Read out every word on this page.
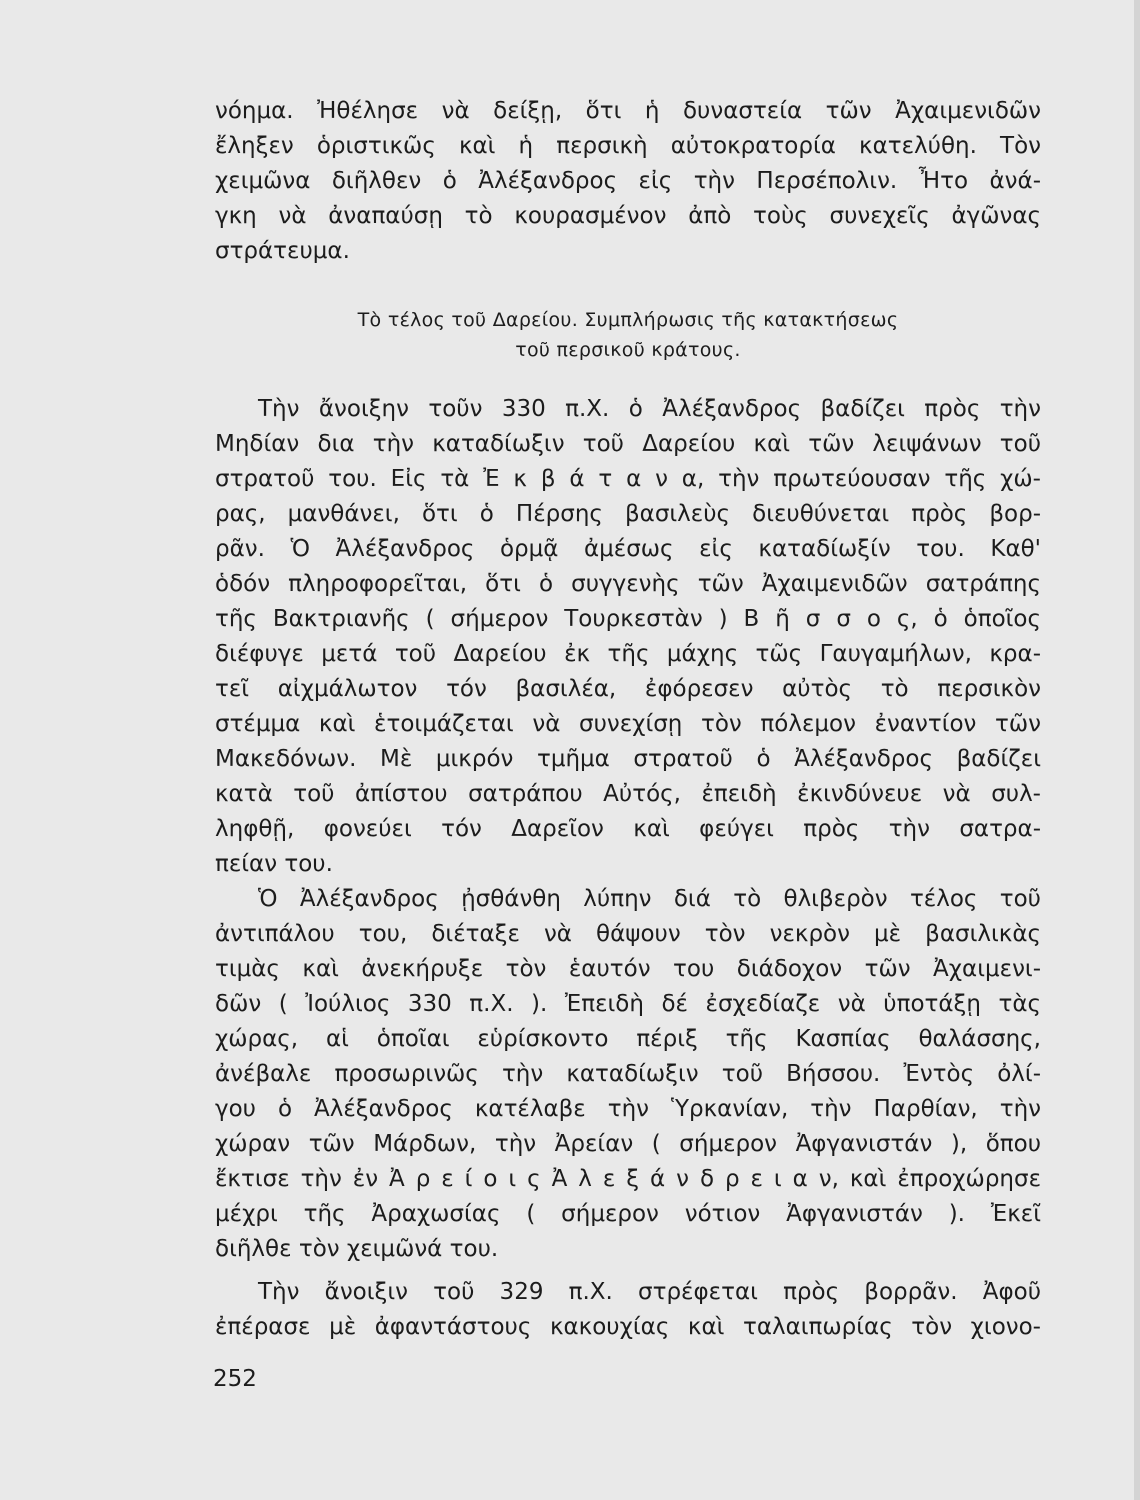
νόημα. Ἠθέλησε νὰ δείξῃ, ὅτι ἡ δυναστεία τῶν Ἀχαιμενιδῶν
ἔληξεν ὁριστικῶς καὶ ἡ περσικὴ αὐτοκρατορία κατελύθη. Τὸν
χειμῶνα διῆλθεν ὁ Ἀλέξανδρος εἰς τὴν Περσέπολιν. Ἦτο ἀνά-
γκη νὰ ἀναπαύσῃ τὸ κουρασμένον ἀπὸ τοὺς συνεχεῖς ἀγῶνας
στράτευμα.
Τὸ τέλος τοῦ Δαρείου. Συμπλήρωσις τῆς κατακτήσεως
τοῦ περσικοῦ κράτους.
Τὴν ἄνοιξην τοῦν 330 π.Χ. ὁ Ἀλέξανδρος βαδίζει πρὸς τὴν
Μηδίαν δια τὴν καταδίωξιν τοῦ Δαρείου καὶ τῶν λειψάνων τοῦ
στρατοῦ του. Εἰς τὰ Ἐ κ β ά τ α ν α, τὴν πρωτεύουσαν τῆς χώ-
ρας, μανθάνει, ὅτι ὁ Πέρσης βασιλεὺς διευθύνεται πρὸς βορ-
ρᾶν. Ὁ Ἀλέξανδρος ὁρμᾷ ἀμέσως εἰς καταδίωξίν του. Καθ'
ὁδόν πληροφορεῖται, ὅτι ὁ συγγενὴς τῶν Ἀχαιμενιδῶν σατράπης
τῆς Βακτριανῆς ( σήμερον Τουρκεστὰν ) Β ῆ σ σ ο ς, ὁ ὁποῖος
διέφυγε μετά τοῦ Δαρείου ἐκ τῆς μάχης τῶς Γαυγαμήλων, κρα-
τεῖ αἰχμάλωτον τόν βασιλέα, ἐφόρεσεν αὐτὸς τὸ περσικὸν
στέμμα καὶ ἑτοιμάζεται νὰ συνεχίσῃ τὸν πόλεμον ἐναντίον τῶν
Μακεδόνων. Μὲ μικρόν τμῆμα στρατοῦ ὁ Ἀλέξανδρος βαδίζει
κατὰ τοῦ ἀπίστου σατράπου Αὐτός, ἐπειδὴ ἐκινδύνευε νὰ συλ-
ληφθῇ, φονεύει τόν Δαρεῖον καὶ φεύγει πρὸς τὴν σατρα-
πείαν του.
Ὁ Ἀλέξανδρος ᾐσθάνθη λύπην διά τὸ θλιβερὸν τέλος τοῦ
ἀντιπάλου του, διέταξε νὰ θάψουν τὸν νεκρὸν μὲ βασιλικὰς
τιμὰς καὶ ἀνεκήρυξε τὸν ἑαυτόν του διάδοχον τῶν Ἀχαιμενι-
δῶν ( Ἰούλιος 330 π.Χ. ). Ἐπειδὴ δέ ἐσχεδίαζε νὰ ὑποτάξῃ τὰς
χώρας, αἱ ὁποῖαι εὑρίσκοντο πέριξ τῆς Κασπίας θαλάσσης,
ἀνέβαλε προσωρινῶς τὴν καταδίωξιν τοῦ Βήσσου. Ἐντὸς ὀλί-
γου ὁ Ἀλέξανδρος κατέλαβε τὴν Ὑρκανίαν, τὴν Παρθίαν, τὴν
χώραν τῶν Μάρδων, τὴν Ἀρείαν ( σήμερον Ἀφγανιστάν ), ὅπου
ἔκτισε τὴν ἐν Ἀ ρ ε ί ο ι ς Ἀ λ ε ξ ά ν δ ρ ε ι α ν, καὶ ἐπροχώρησε
μέχρι τῆς Ἀραχωσίας ( σήμερον νότιον Ἀφγανιστάν ). Ἐκεῖ
διῆλθε τὸν χειμῶνά του.
Τὴν ἄνοιξιν τοῦ 329 π.Χ. στρέφεται πρὸς βορρᾶν. Ἀφοῦ
ἐπέρασε μὲ ἀφαντάστους κακουχίας καὶ ταλαιπωρίας τὸν χιονο-
252
